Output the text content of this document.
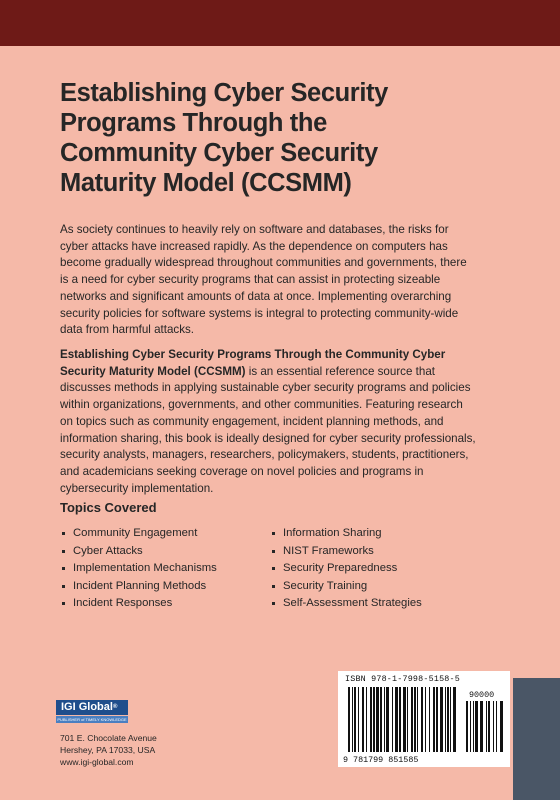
Establishing Cyber Security
Programs Through the
Community Cyber Security
Maturity Model (CCSMM)

As society continues to heavily rely on software and databases, the risks for
cyber attacks have increased rapidly. As the dependence on computers has
become gradually widespread throughout communities and governments, there
is a need for cyber security programs that can assist in protecting sizeable
networks and significant amounts of data at once. Implementing overarching
security policies for software systems is integral to protecting community-wide
data from harmful attacks.

Establishing Cyber Security Programs Through the Community Cyber
Security Maturity Model (CCSMM) is an essential reference source that
discusses methods in applying sustainable cyber security programs and policies
within organizations, governments, and other communities. Featuring research
on topics such as community engagement, incident planning methods, and
information sharing, this book is ideally designed for cyber security professionals,
security analysts, managers, researchers, policymakers, students, practitioners,
and academicians seeking coverage on novel policies and programs in
cybersecurity implementation.

Topics Covered
Community Engagement
Cyber Attacks
Implementation Mechanisms
Incident Planning Methods
Incident Responses
Information Sharing
NIST Frameworks
Security Preparedness
Security Training
Self-Assessment Strategies
IGI Global®
PUBLISHER of TIMELY KNOWLEDGE

701 E. Chocolate Avenue
Hershey, PA 17033, USA
www.igi-global.com

90000
9 781799 851585
ISBN 978-1-7998-5158-5
